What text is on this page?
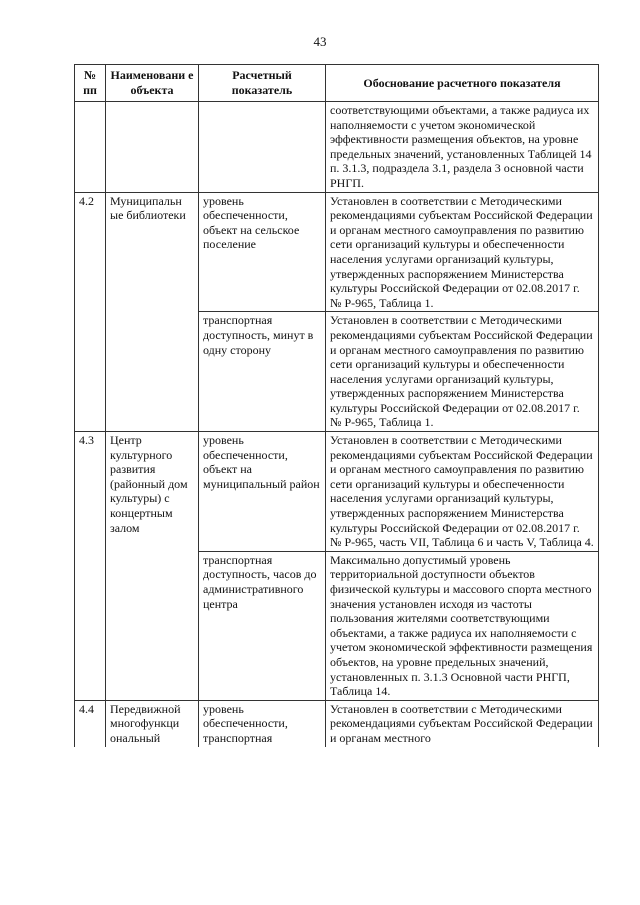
43
№ пп	Наименовани е объекта	Расчетный показатель	Обоснование расчетного показателя
			соответствующими объектами, а также радиуса их наполняемости с учетом экономической эффективности размещения объектов, на уровне предельных значений, установленных Таблицей 14 п. 3.1.3, подраздела 3.1, раздела 3 основной части РНГП.
4.2	Муниципальн ые библиотеки	уровень обеспеченности, объект на сельское поселение	Установлен в соответствии с Методическими рекомендациями субъектам Российской Федерации и органам местного самоуправления по развитию сети организаций культуры и обеспеченности населения услугами организаций культуры, утвержденных распоряжением Министерства культуры Российской Федерации от 02.08.2017 г. № Р-965, Таблица 1.
		транспортная доступность, минут в одну сторону	Установлен в соответствии с Методическими рекомендациями субъектам Российской Федерации и органам местного самоуправления по развитию сети организаций культуры и обеспеченности населения услугами организаций культуры, утвержденных распоряжением Министерства культуры Российской Федерации от 02.08.2017 г. № Р-965, Таблица 1.
4.3	Центр культурного развития (районный дом культуры) с концертным залом	уровень обеспеченности, объект на муниципальный район	Установлен в соответствии с Методическими рекомендациями субъектам Российской Федерации и органам местного самоуправления по развитию сети организаций культуры и обеспеченности населения услугами организаций культуры, утвержденных распоряжением Министерства культуры Российской Федерации от 02.08.2017 г. № Р-965, часть VII, Таблица 6 и часть V, Таблица 4.
		транспортная доступность, часов до административного центра	Максимально допустимый уровень территориальной доступности объектов физической культуры и массового спорта местного значения установлен исходя из частоты пользования жителями соответствующими объектами, а также радиуса их наполняемости с учетом экономической эффективности размещения объектов, на уровне предельных значений, установленных п. 3.1.3 Основной части РНГП, Таблица 14.
4.4	Передвижной многофункци ональный	уровень обеспеченности, транспортная	Установлен в соответствии с Методическими рекомендациями субъектам Российской Федерации и органам местного
